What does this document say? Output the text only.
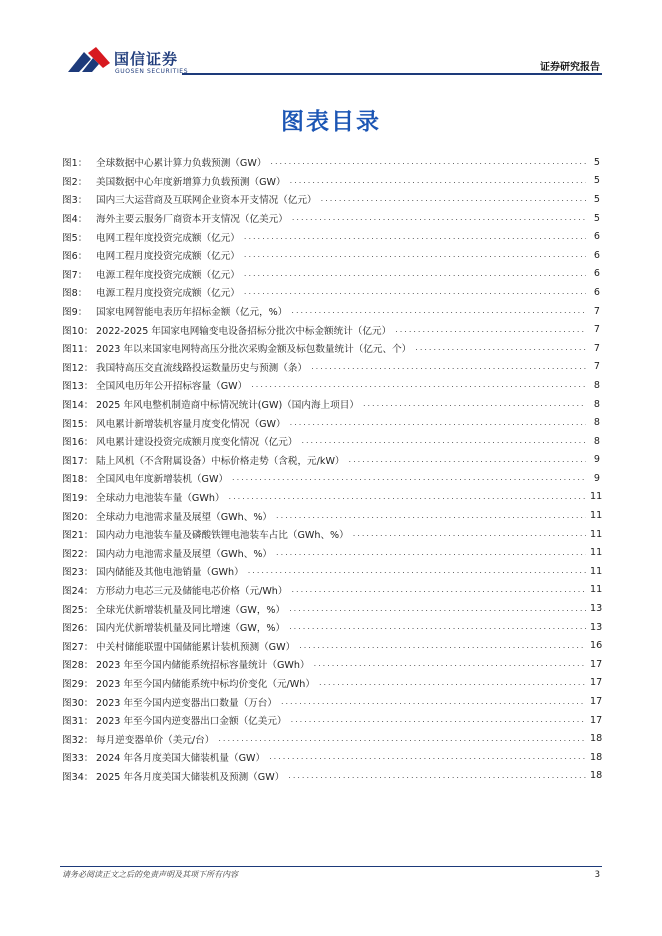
国信证券
GUOSEN SECURITIES	证券研究报告
图表目录
图1： 全球数据中心累计算力负载预测（GW） .....	5
图2： 美国数据中心年度新增算力负载预测（GW） .....	5
图3： 国内三大运营商及互联网企业资本开支情况（亿元） .....	5
图4： 海外主要云服务厂商资本开支情况（亿美元） .....	5
图5： 电网工程年度投资完成额（亿元） .....	6
图6： 电网工程月度投资完成额（亿元） .....	6
图7： 电源工程年度投资完成额（亿元） .....	6
图8： 电源工程月度投资完成额（亿元） .....	6
图9： 国家电网智能电表历年招标金额（亿元，%） .....	7
图10： 2022-2025 年国家电网输变电设备招标分批次中标金额统计（亿元） .....	7
图11： 2023 年以来国家电网特高压分批次采购金额及标包数量统计（亿元、个） .....	7
图12： 我国特高压交直流线路投运数量历史与预测（条） .....	7
图13： 全国风电历年公开招标容量（GW） .....	8
图14： 2025 年风电整机制造商中标情况统计(GW)（国内海上项目） .....	8
图15： 风电累计新增装机容量月度变化情况（GW） .....	8
图16： 风电累计建设投资完成额月度变化情况（亿元） .....	8
图17： 陆上风机（不含附属设备）中标价格走势（含税，元/kW） .....	9
图18： 全国风电年度新增装机（GW） .....	9
图19： 全球动力电池装车量（GWh） .....	11
图20： 全球动力电池需求量及展望（GWh、%） .....	11
图21： 国内动力电池装车量及磷酸铁锂电池装车占比（GWh、%） .....	11
图22： 国内动力电池需求量及展望（GWh、%） .....	11
图23： 国内储能及其他电池销量（GWh） .....	11
图24： 方形动力电芯三元及储能电芯价格（元/Wh） .....	11
图25： 全球光伏新增装机量及同比增速（GW，%） .....	13
图26： 国内光伏新增装机量及同比增速（GW，%） .....	13
图27： 中关村储能联盟中国储能累计装机预测（GW） .....	16
图28： 2023 年至今国内储能系统招标容量统计（GWh） .....	17
图29： 2023 年至今国内储能系统中标均价变化（元/Wh） .....	17
图30： 2023 年至今国内逆变器出口数量（万台） .....	17
图31： 2023 年至今国内逆变器出口金额（亿美元） .....	17
图32： 每月逆变器单价（美元/台） .....	18
图33： 2024 年各月度美国大储装机量（GW） .....	18
图34： 2025 年各月度美国大储装机及预测（GW） .....	18
请务必阅读正文之后的免责声明及其项下所有内容	3
